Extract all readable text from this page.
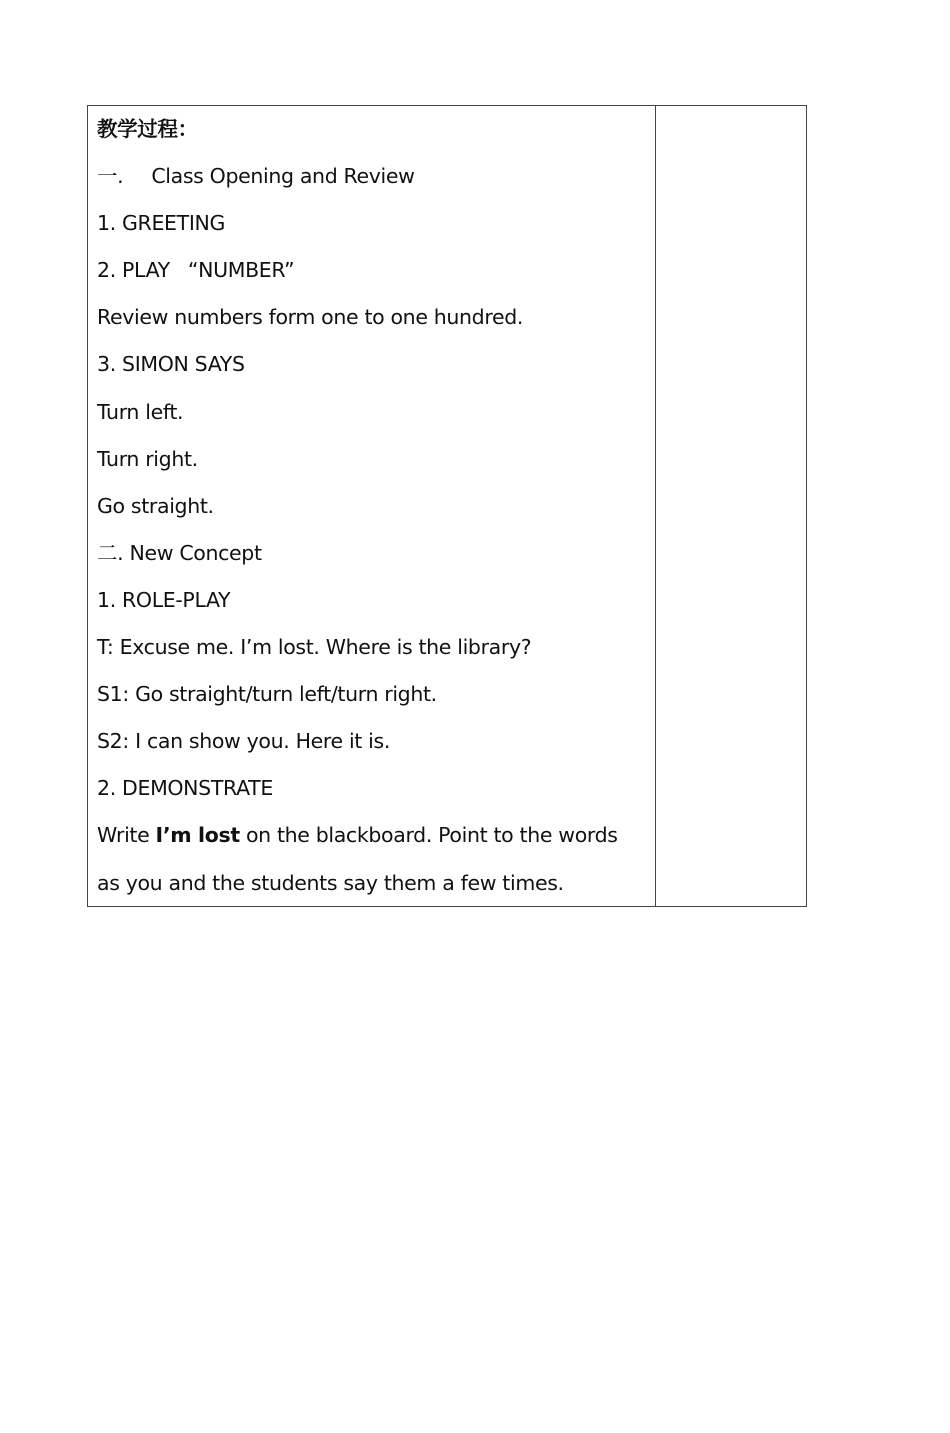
教学过程：
一. Class Opening and Review
1. GREETING
2. PLAY “NUMBER”
Review numbers form one to one hundred.
3. SIMON SAYS
Turn left.
Turn right.
Go straight.
二. New Concept
1. ROLE-PLAY
T: Excuse me. I’m lost. Where is the library?
S1: Go straight/turn left/turn right.
S2: I can show you. Here it is.
2. DEMONSTRATE
Write I’m lost on the blackboard. Point to the words
as you and the students say them a few times.
